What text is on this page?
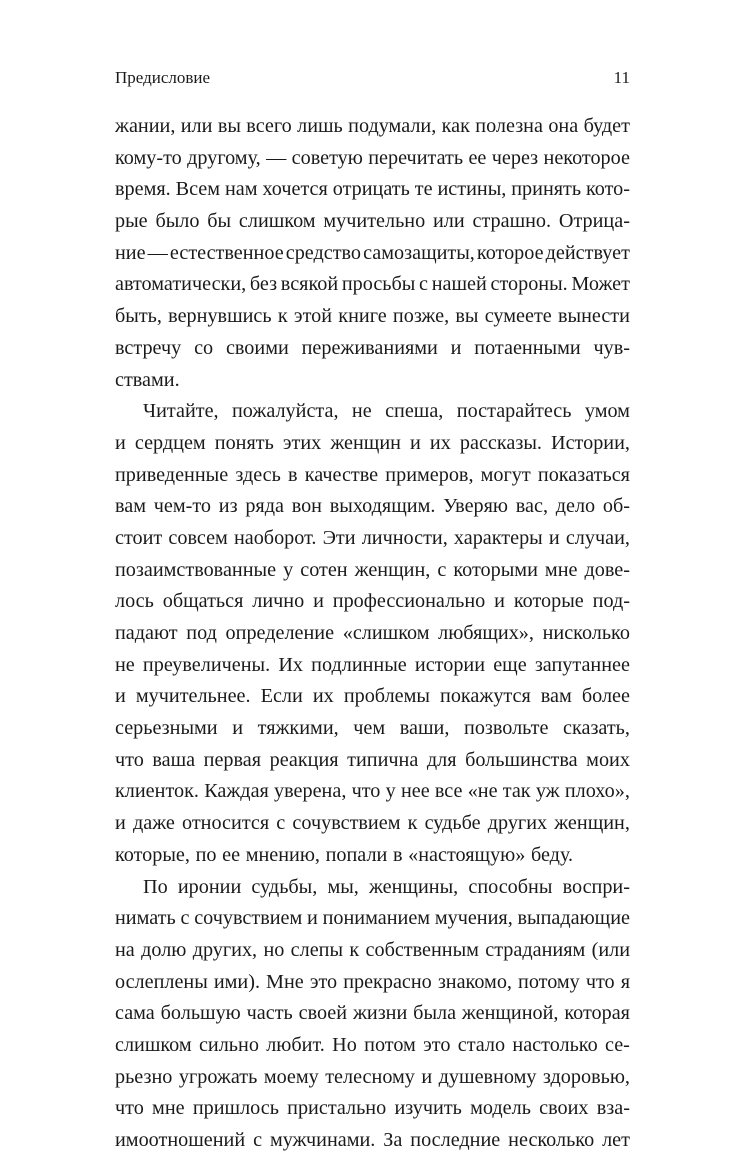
Предисловие	11
жании, или вы всего лишь подумали, как полезна она будет
кому-то другому, — советую перечитать ее через некоторое
время. Всем нам хочется отрицать те истины, принять кото-
рые было бы слишком мучительно или страшно. Отрица-
ние — естественное средство самозащиты, которое действует
автоматически, без всякой просьбы с нашей стороны. Может
быть, вернувшись к этой книге позже, вы сумеете вынести
встречу со своими переживаниями и потаенными чув-
ствами.
Читайте, пожалуйста, не спеша, постарайтесь умом
и сердцем понять этих женщин и их рассказы. Истории,
приведенные здесь в качестве примеров, могут показаться
вам чем-то из ряда вон выходящим. Уверяю вас, дело об-
стоит совсем наоборот. Эти личности, характеры и случаи,
позаимствованные у сотен женщин, с которыми мне дове-
лось общаться лично и профессионально и которые под-
падают под определение «слишком любящих», нисколько
не преувеличены. Их подлинные истории еще запутаннее
и мучительнее. Если их проблемы покажутся вам более
серьезными и тяжкими, чем ваши, позвольте сказать,
что ваша первая реакция типична для большинства моих
клиенток. Каждая уверена, что у нее все «не так уж плохо»,
и даже относится с сочувствием к судьбе других женщин,
которые, по ее мнению, попали в «настоящую» беду.
По иронии судьбы, мы, женщины, способны воспри-
нимать с сочувствием и пониманием мучения, выпадающие
на долю других, но слепы к собственным страданиям (или
ослеплены ими). Мне это прекрасно знакомо, потому что я
сама большую часть своей жизни была женщиной, которая
слишком сильно любит. Но потом это стало настолько се-
рьезно угрожать моему телесному и душевному здоровью,
что мне пришлось пристально изучить модель своих вза-
имоотношений с мужчинами. За последние несколько лет
